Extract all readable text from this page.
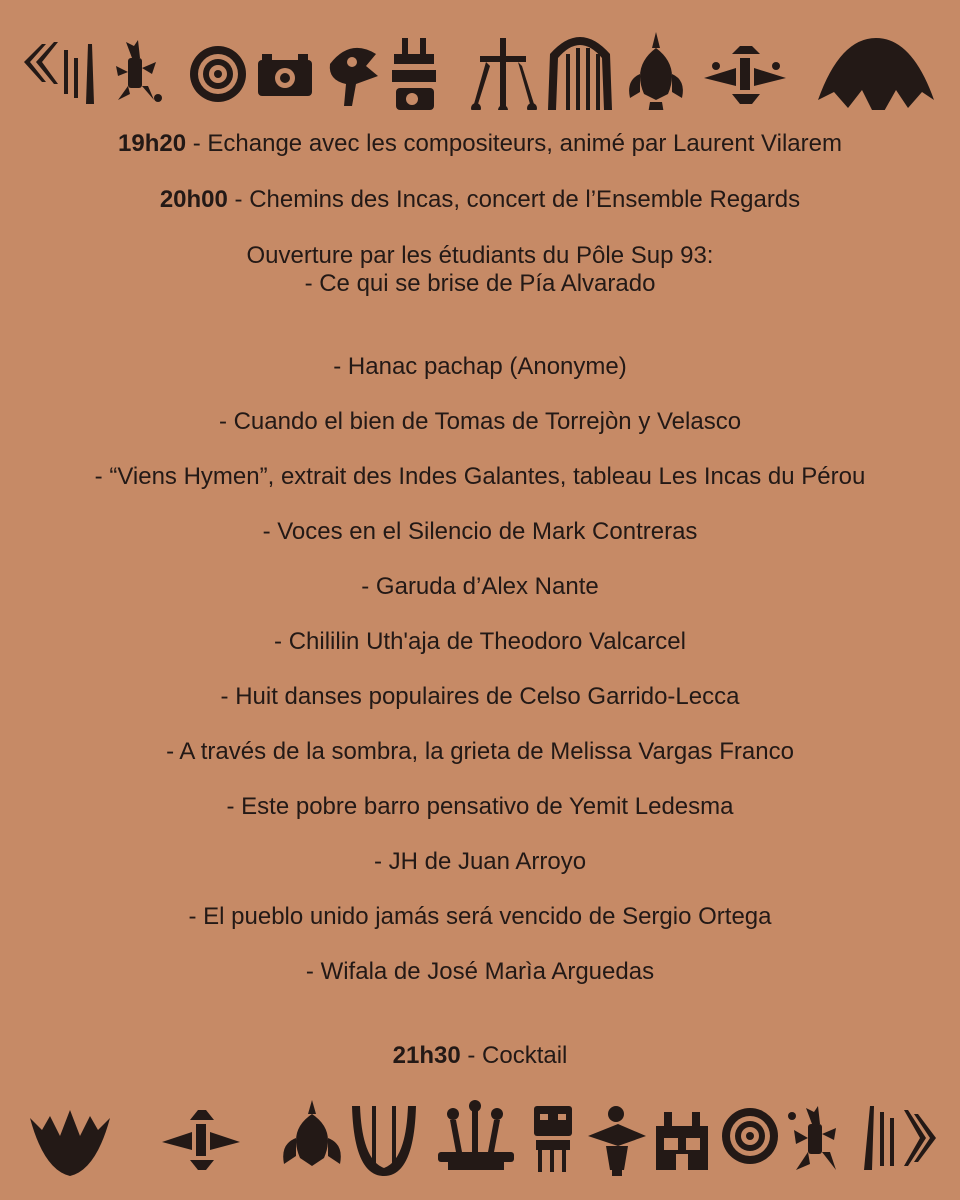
19h20 - Echange avec les compositeurs, animé par Laurent Vilarem
20h00 - Chemins des Incas, concert de l’Ensemble Regards
Ouverture par les étudiants du Pôle Sup 93:
- Ce qui se brise de Pía Alvarado
- Hanac pachap (Anonyme)
- Cuando el bien de Tomas de Torrejòn y Velasco
- “Viens Hymen”, extrait des Indes Galantes, tableau Les Incas du Pérou
- Voces en el Silencio de Mark Contreras
- Garuda d’Alex Nante
- Chililin Uth'aja de Theodoro Valcarcel
- Huit danses populaires de Celso Garrido-Lecca
- A través de la sombra, la grieta de Melissa Vargas Franco
- Este pobre barro pensativo de Yemit Ledesma
- JH de Juan Arroyo
- El pueblo unido jamás será vencido de Sergio Ortega
- Wifala de José Marìa Arguedas
21h30 - Cocktail
